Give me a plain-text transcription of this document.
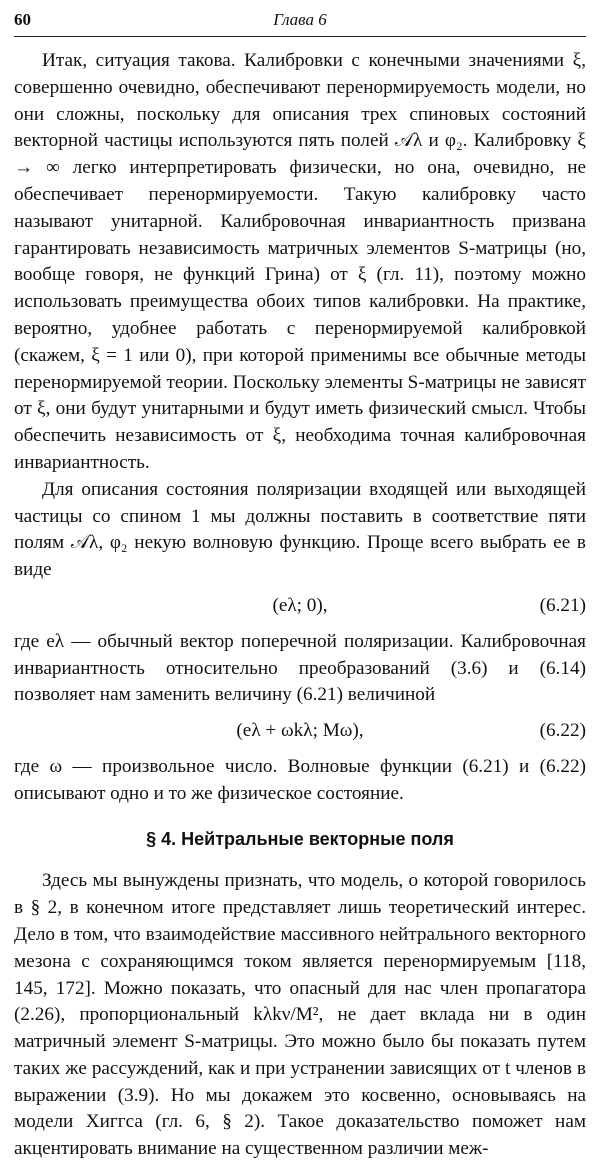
60	Глава 6

Итак, ситуация такова. Калибровки с конечными значениями ξ, совершенно очевидно, обеспечивают перенормируемость модели, но они сложны, поскольку для описания трех спиновых состояний векторной частицы используются пять полей 𝒜λ и φ₂. Калибровку ξ → ∞ легко интерпретировать физически, но она, очевидно, не обеспечивает перенормируемости. Такую калибровку часто называют унитарной. Калибровочная инвариантность призвана гарантировать независимость матричных элементов S-матрицы (но, вообще говоря, не функций Грина) от ξ (гл. 11), поэтому можно использовать преимущества обоих типов калибровки. На практике, вероятно, удобнее работать с перенормируемой калибровкой (скажем, ξ = 1 или 0), при которой применимы все обычные методы перенормируемой теории. Поскольку элементы S-матрицы не зависят от ξ, они будут унитарными и будут иметь физический смысл. Чтобы обеспечить независимость от ξ, необходима точная калибровочная инвариантность.

Для описания состояния поляризации входящей или выходящей частицы со спином 1 мы должны поставить в соответствие пяти полям 𝒜λ, φ₂ некую волновую функцию. Проще всего выбрать ее в виде

(eλ; 0),	(6.21)

где eλ — обычный вектор поперечной поляризации. Калибровочная инвариантность относительно преобразований (3.6) и (6.14) позволяет нам заменить величину (6.21) величиной

(eλ + ωkλ; Mω),	(6.22)

где ω — произвольное число. Волновые функции (6.21) и (6.22) описывают одно и то же физическое состояние.

§ 4. Нейтральные векторные поля

Здесь мы вынуждены признать, что модель, о которой говорилось в § 2, в конечном итоге представляет лишь теоретический интерес. Дело в том, что взаимодействие массивного нейтрального векторного мезона с сохраняющимся током является перенормируемым [118, 145, 172]. Можно показать, что опасный для нас член пропагатора (2.26), пропорциональный kλkν/M², не дает вклада ни в один матричный элемент S-матрицы. Это можно было бы показать путем таких же рассуждений, как и при устранении зависящих от t членов в выражении (3.9). Но мы докажем это косвенно, основываясь на модели Хиггса (гл. 6, § 2). Такое доказательство поможет нам акцентировать внимание на существенном различии меж-
